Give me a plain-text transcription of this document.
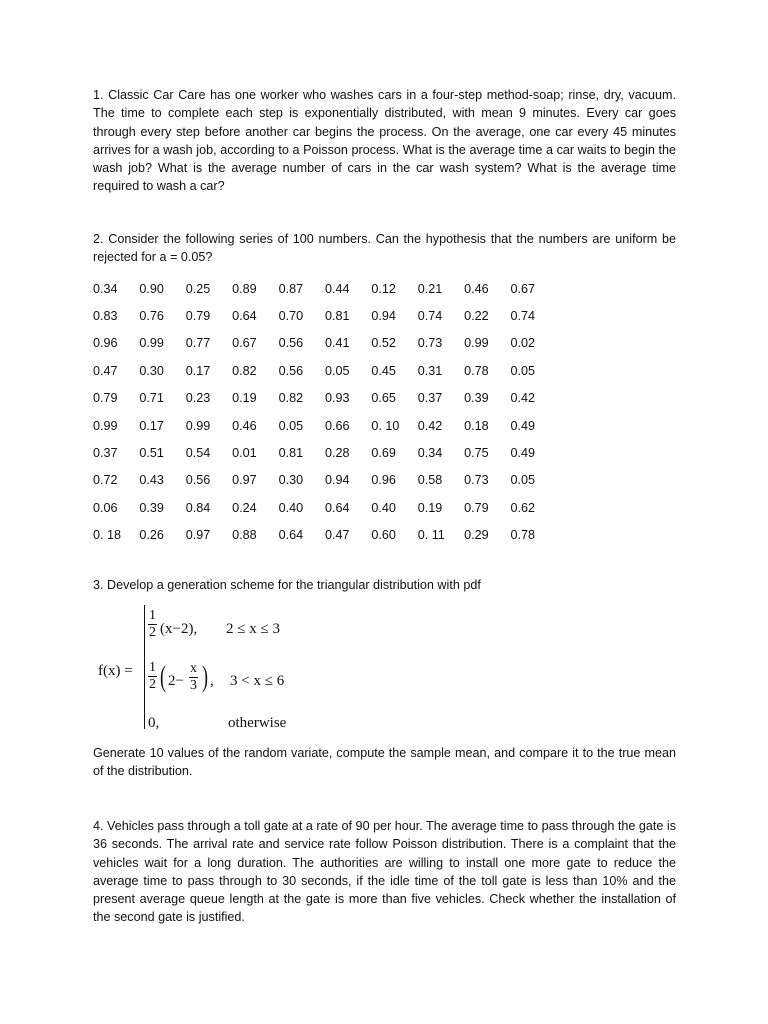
1. Classic Car Care has one worker who washes cars in a four-step method-soap; rinse, dry, vacuum. The time to complete each step is exponentially distributed, with mean 9 minutes. Every car goes through every step before another car begins the process. On the average, one car every 45 minutes arrives for a wash job, according to a Poisson process. What is the average time a car waits to begin the wash job? What is the average number of cars in the car wash system? What is the average time required to wash a car?

2. Consider the following series of 100 numbers. Can the hypothesis that the numbers are uniform be rejected for a = 0.05?

0.34	0.90	0.25	0.89	0.87	0.44	0.12	0.21	0.46	0.67
0.83	0.76	0.79	0.64	0.70	0.81	0.94	0.74	0.22	0.74
0.96	0.99	0.77	0.67	0.56	0.41	0.52	0.73	0.99	0.02
0.47	0.30	0.17	0.82	0.56	0.05	0.45	0.31	0.78	0.05
0.79	0.71	0.23	0.19	0.82	0.93	0.65	0.37	0.39	0.42
0.99	0.17	0.99	0.46	0.05	0.66	0. 10	0.42	0.18	0.49
0.37	0.51	0.54	0.01	0.81	0.28	0.69	0.34	0.75	0.49
0.72	0.43	0.56	0.97	0.30	0.94	0.96	0.58	0.73	0.05
0.06	0.39	0.84	0.24	0.40	0.64	0.40	0.19	0.79	0.62
0. 18	0.26	0.97	0.88	0.64	0.47	0.60	0. 11	0.29	0.78

3. Develop a generation scheme for the triangular distribution with pdf

f(x) =
$\frac{1}{2} (x-2)$, 2 ≤ x ≤ 3
$\frac{1}{2}$ ( $2- \frac{x}{3}$ ) , 3 < x ≤ 6
0,	otherwise

Generate 10 values of the random variate, compute the sample mean, and compare it to the true mean of the distribution.

4. Vehicles pass through a toll gate at a rate of 90 per hour. The average time to pass through the gate is 36 seconds. The arrival rate and service rate follow Poisson distribution. There is a complaint that the vehicles wait for a long duration. The authorities are willing to install one more gate to reduce the average time to pass through to 30 seconds, if the idle time of the toll gate is less than 10% and the present average queue length at the gate is more than five vehicles. Check whether the installation of the second gate is justified.
